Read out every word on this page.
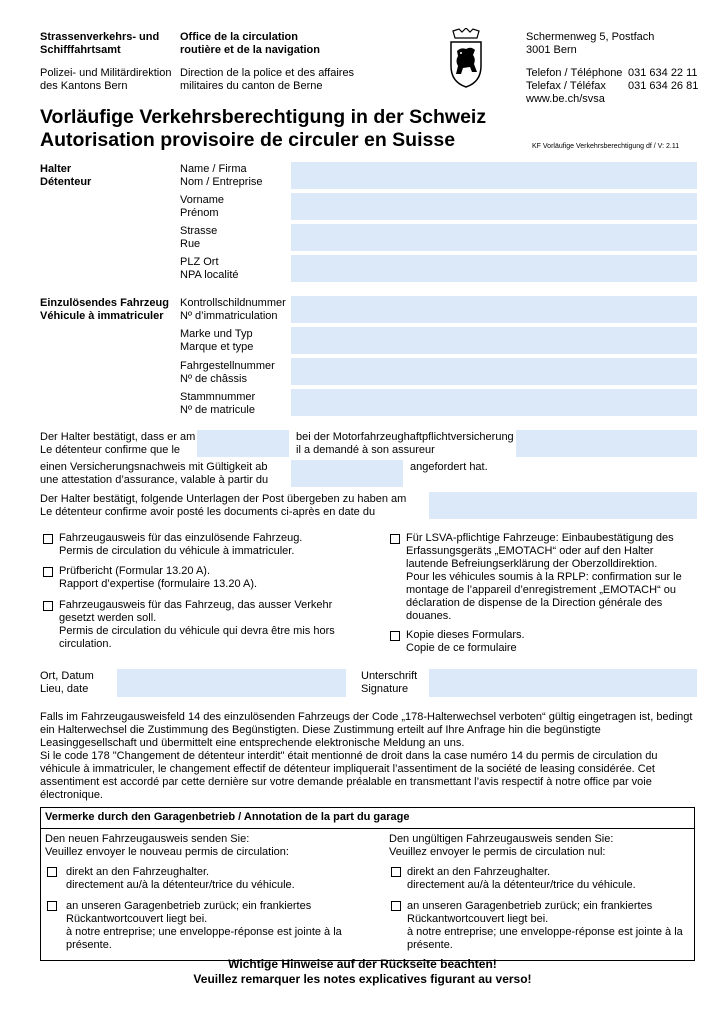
Strassenverkehrs- und
Schifffahrtsamt
Office de la circulation
routière et de la navigation
Polizei- und Militärdirektion
des Kantons Bern
Direction de la police et des affaires
militaires du canton de Berne
Schermenweg 5, Postfach
3001 Bern
Telefon / Téléphone 031 634 22 11
Telefax / Téléfax 031 634 26 81
www.be.ch/svsa
Vorläufige Verkehrsberechtigung in der Schweiz
Autorisation provisoire de circuler en Suisse	KF Vorläufige Verkehrsberechtigung df / V: 2.11
Halter
Détenteur
Name / Firma
Nom / Entreprise
Vorname
Prénom
Strasse
Rue
PLZ Ort
NPA localité
Einzulösendes Fahrzeug
Véhicule à immatriculer
Kontrollschildnummer
Nº d’immatriculation
Marke und Typ
Marque et type
Fahrgestellnummer
Nº de châssis
Stammnummer
Nº de matricule
Der Halter bestätigt, dass er am
Le détenteur confirme que le
bei der Motorfahrzeughaftpflichtversicherung
il a demandé à son assureur
einen Versicherungsnachweis mit Gültigkeit ab
une attestation d’assurance, valable à partir du
angefordert hat.
Der Halter bestätigt, folgende Unterlagen der Post übergeben zu haben am
Le détenteur confirme avoir posté les documents ci-après en date du
Fahrzeugausweis für das einzulösende Fahrzeug.
Permis de circulation du véhicule à immatriculer.
Prüfbericht (Formular 13.20 A).
Rapport d’expertise (formulaire 13.20 A).
Fahrzeugausweis für das Fahrzeug, das ausser Verkehr
gesetzt werden soll.
Permis de circulation du véhicule qui devra être mis hors
circulation.
Für LSVA-pflichtige Fahrzeuge: Einbaubestätigung des
Erfassungsgeräts „EMOTACH“ oder auf den Halter
lautende Befreiungserklärung der Oberzolldirektion.
Pour les véhicules soumis à la RPLP: confirmation sur le
montage de l’appareil d’enregistrement „EMOTACH“ ou
déclaration de dispense de la Direction générale des
douanes.
Kopie dieses Formulars.
Copie de ce formulaire
Ort, Datum
Lieu, date
Unterschrift
Signature
Falls im Fahrzeugausweisfeld 14 des einzulösenden Fahrzeugs der Code „178-Halterwechsel verboten“ gültig eingetragen ist, bedingt
ein Halterwechsel die Zustimmung des Begünstigten. Diese Zustimmung erteilt auf Ihre Anfrage hin die begünstigte
Leasinggesellschaft und übermittelt eine entsprechende elektronische Meldung an uns.
Si le code 178 "Changement de détenteur interdit" était mentionné de droit dans la case numéro 14 du permis de circulation du
véhicule à immatriculer, le changement effectif de détenteur impliquerait l’assentiment de la société de leasing considérée. Cet
assentiment est accordé par cette dernière sur votre demande préalable en transmettant l’avis respectif à notre office par voie
électronique.
Vermerke durch den Garagenbetrieb / Annotation de la part du garage
Den neuen Fahrzeugausweis senden Sie:
Veuillez envoyer le nouveau permis de circulation:
direkt an den Fahrzeughalter.
directement au/à la détenteur/trice du véhicule.
an unseren Garagenbetrieb zurück; ein frankiertes
Rückantwortcouvert liegt bei.
à notre entreprise; une enveloppe-réponse est jointe à la
présente.
Den ungültigen Fahrzeugausweis senden Sie:
Veuillez envoyer le permis de circulation nul:
direkt an den Fahrzeughalter.
directement au/à la détenteur/trice du véhicule.
an unseren Garagenbetrieb zurück; ein frankiertes
Rückantwortcouvert liegt bei.
à notre entreprise; une enveloppe-réponse est jointe à la
présente.
Wichtige Hinweise auf der Rückseite beachten!
Veuillez remarquer les notes explicatives figurant au verso!
